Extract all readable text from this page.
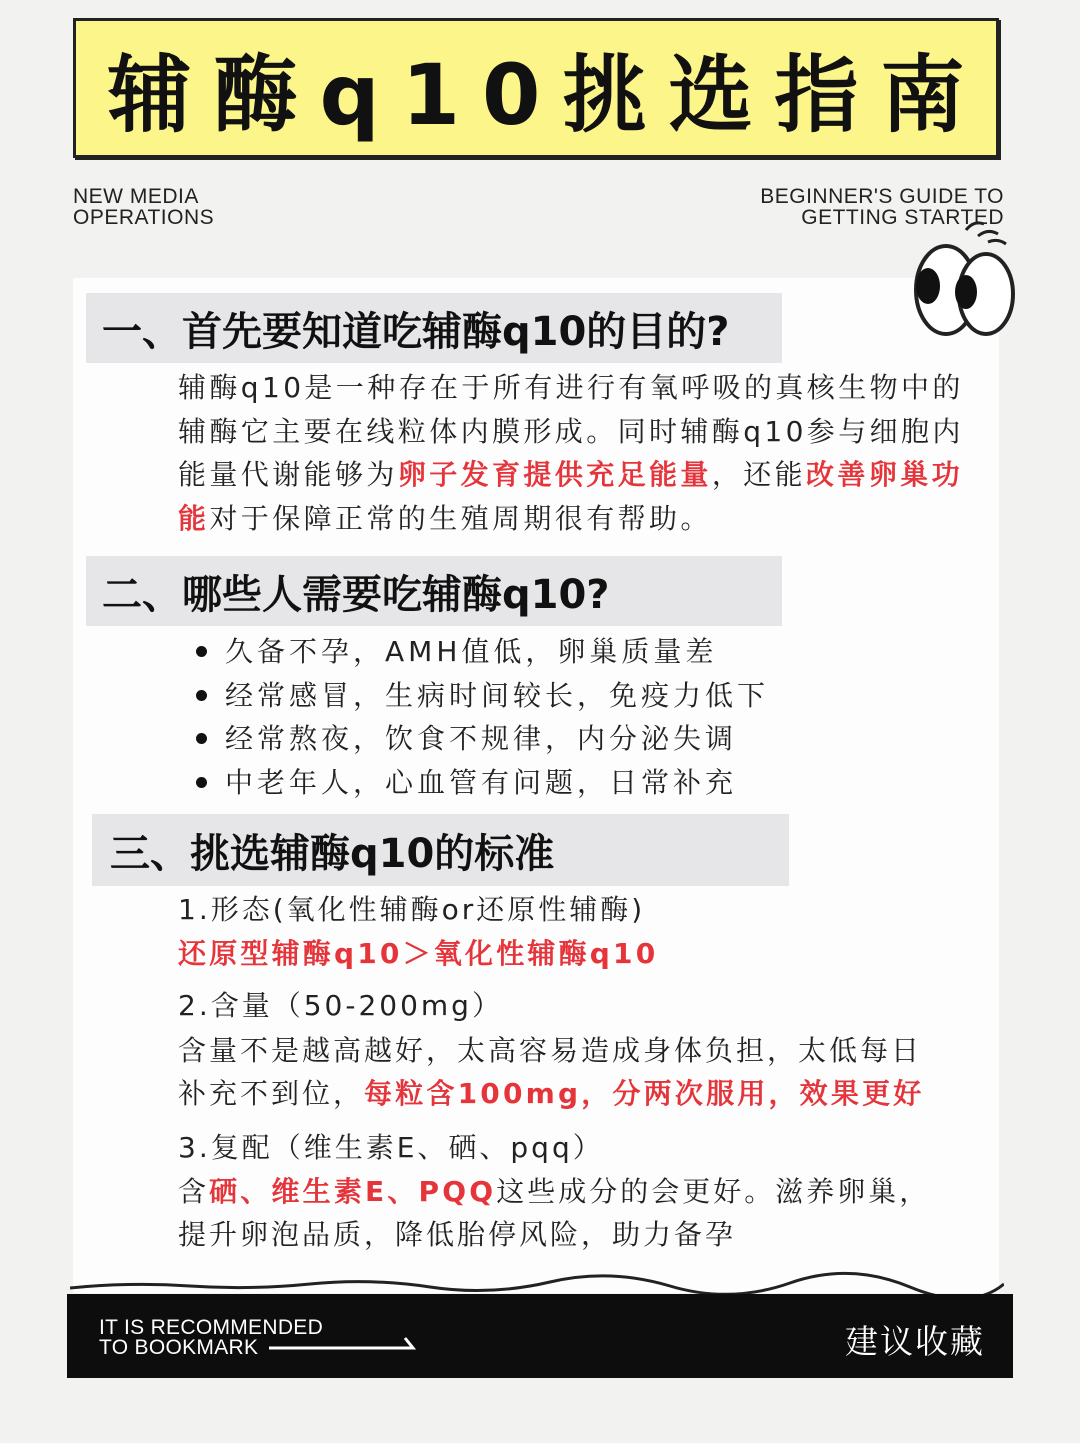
辅酶q10挑选指南
NEW MEDIA
OPERATIONS
BEGINNER'S GUIDE TO
GETTING STARTED
一、首先要知道吃辅酶q10的目的?
辅酶q10是一种存在于所有进行有氧呼吸的真核生物中的辅酶它主要在线粒体内膜形成。同时辅酶q10参与细胞内能量代谢能够为卵子发育提供充足能量，还能改善卵巢功能对于保障正常的生殖周期很有帮助。
二、哪些人需要吃辅酶q10?
久备不孕，AMH值低，卵巢质量差
经常感冒，生病时间较长，免疫力低下
经常熬夜，饮食不规律，内分泌失调
中老年人，心血管有问题，日常补充
三、挑选辅酶q10的标准
1.形态(氧化性辅酶or还原性辅酶)
还原型辅酶q10＞氧化性辅酶q10
2.含量（50-200mg）
含量不是越高越好，太高容易造成身体负担，太低每日
补充不到位，每粒含100mg，分两次服用，效果更好
3.复配（维生素E、硒、pqq）
含硒、维生素E、PQQ这些成分的会更好。滋养卵巢，
提升卵泡品质，降低胎停风险，助力备孕
IT IS RECOMMENDED
TO BOOKMARK	建议收藏
